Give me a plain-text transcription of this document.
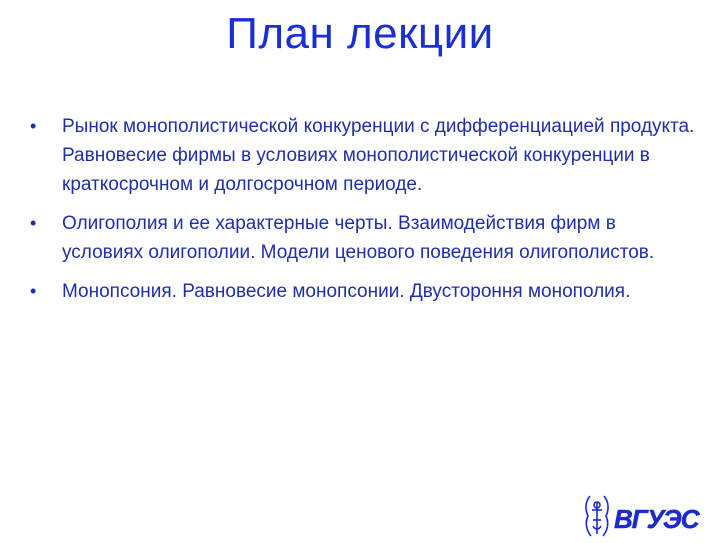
План лекции
• Рынок монополистической конкуренции с дифференциацией продукта. Равновесие фирмы в условиях монополистической конкуренции в краткосрочном и долгосрочном периоде.
• Олигополия и ее характерные черты. Взаимодействия фирм в условиях олигополии. Модели ценового поведения олигополистов.
• Монопсония. Равновесие монопсонии. Двустороння монополия.
ВГУЭС
